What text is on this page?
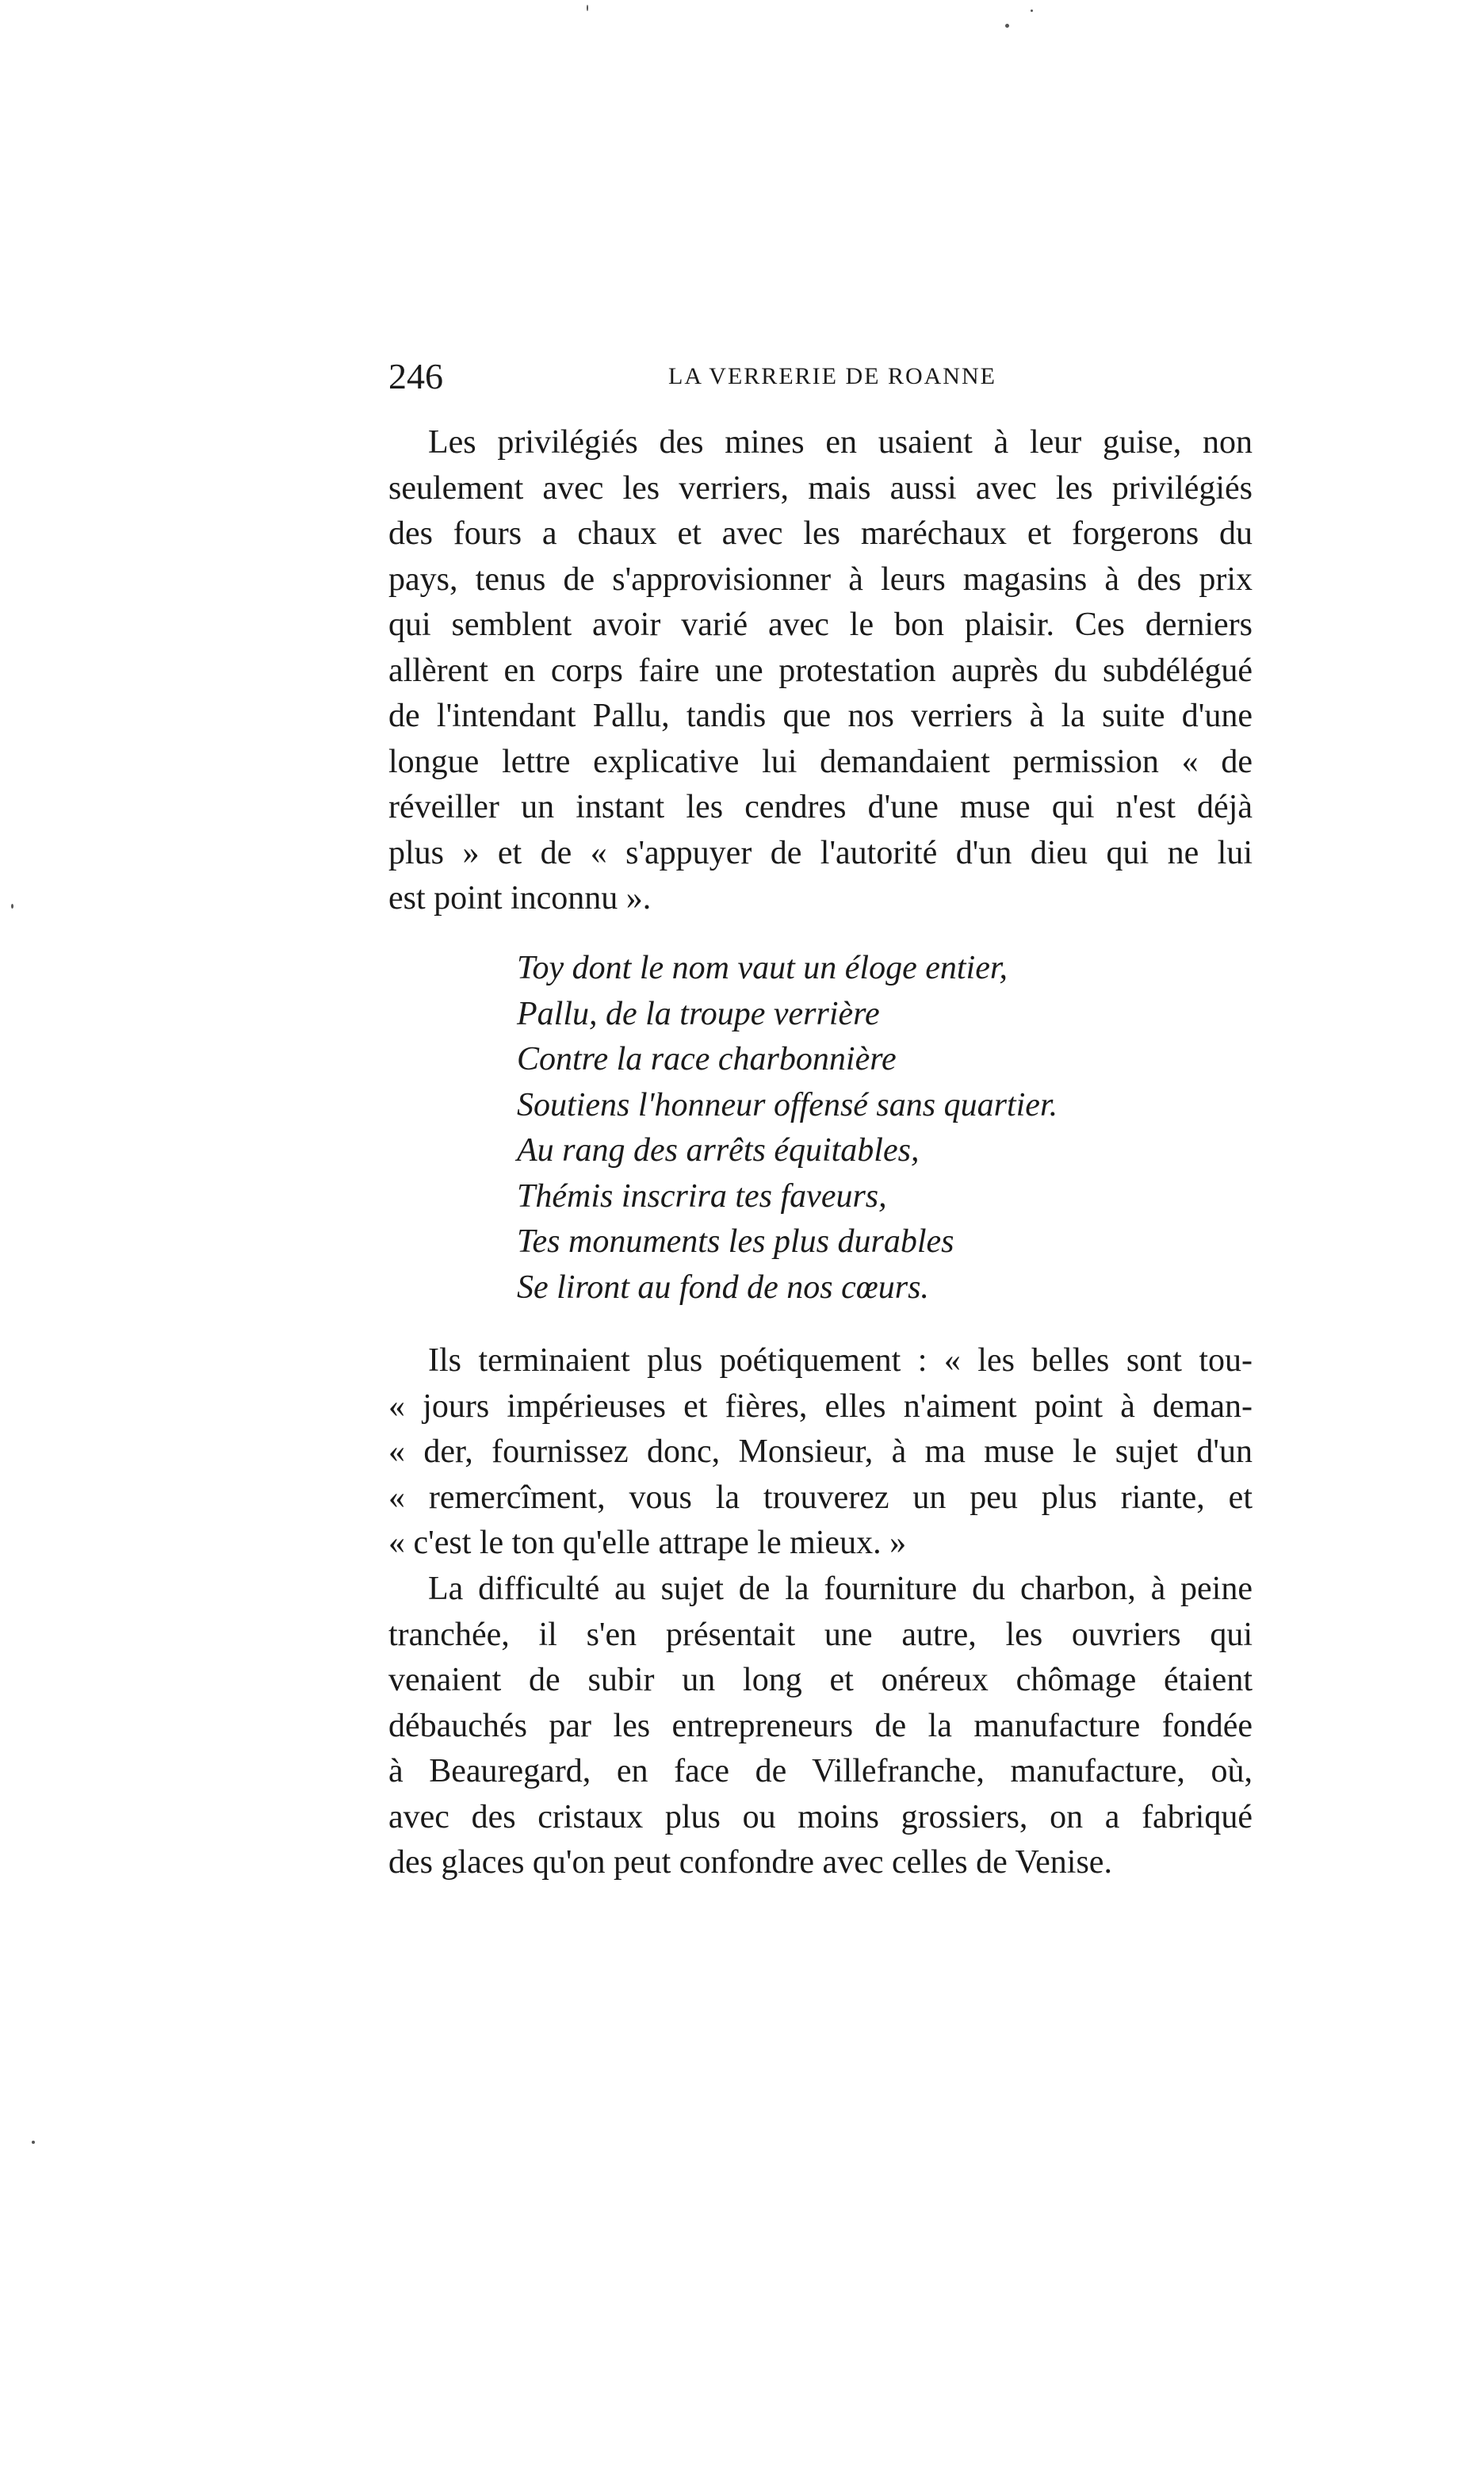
246	LA VERRERIE DE ROANNE
Les privilégiés des mines en usaient à leur guise, non
seulement avec les verriers, mais aussi avec les privilégiés
des fours a chaux et avec les maréchaux et forgerons du
pays, tenus de s'approvisionner à leurs magasins à des prix
qui semblent avoir varié avec le bon plaisir. Ces derniers
allèrent en corps faire une protestation auprès du subdélégué
de l'intendant Pallu, tandis que nos verriers à la suite d'une
longue lettre explicative lui demandaient permission « de
réveiller un instant les cendres d'une muse qui n'est déjà
plus » et de « s'appuyer de l'autorité d'un dieu qui ne lui
est point inconnu ».
Toy dont le nom vaut un éloge entier,
Pallu, de la troupe verrière
Contre la race charbonnière
Soutiens l'honneur offensé sans quartier.
Au rang des arrêts équitables,
Thémis inscrira tes faveurs,
Tes monuments les plus durables
Se liront au fond de nos cœurs.
Ils terminaient plus poétiquement : « les belles sont tou-
« jours impérieuses et fières, elles n'aiment point à deman-
« der, fournissez donc, Monsieur, à ma muse le sujet d'un
« remercîment, vous la trouverez un peu plus riante, et
« c'est le ton qu'elle attrape le mieux. »
La difficulté au sujet de la fourniture du charbon, à peine
tranchée, il s'en présentait une autre, les ouvriers qui
venaient de subir un long et onéreux chômage étaient
débauchés par les entrepreneurs de la manufacture fondée
à Beauregard, en face de Villefranche, manufacture, où,
avec des cristaux plus ou moins grossiers, on a fabriqué
des glaces qu'on peut confondre avec celles de Venise.
